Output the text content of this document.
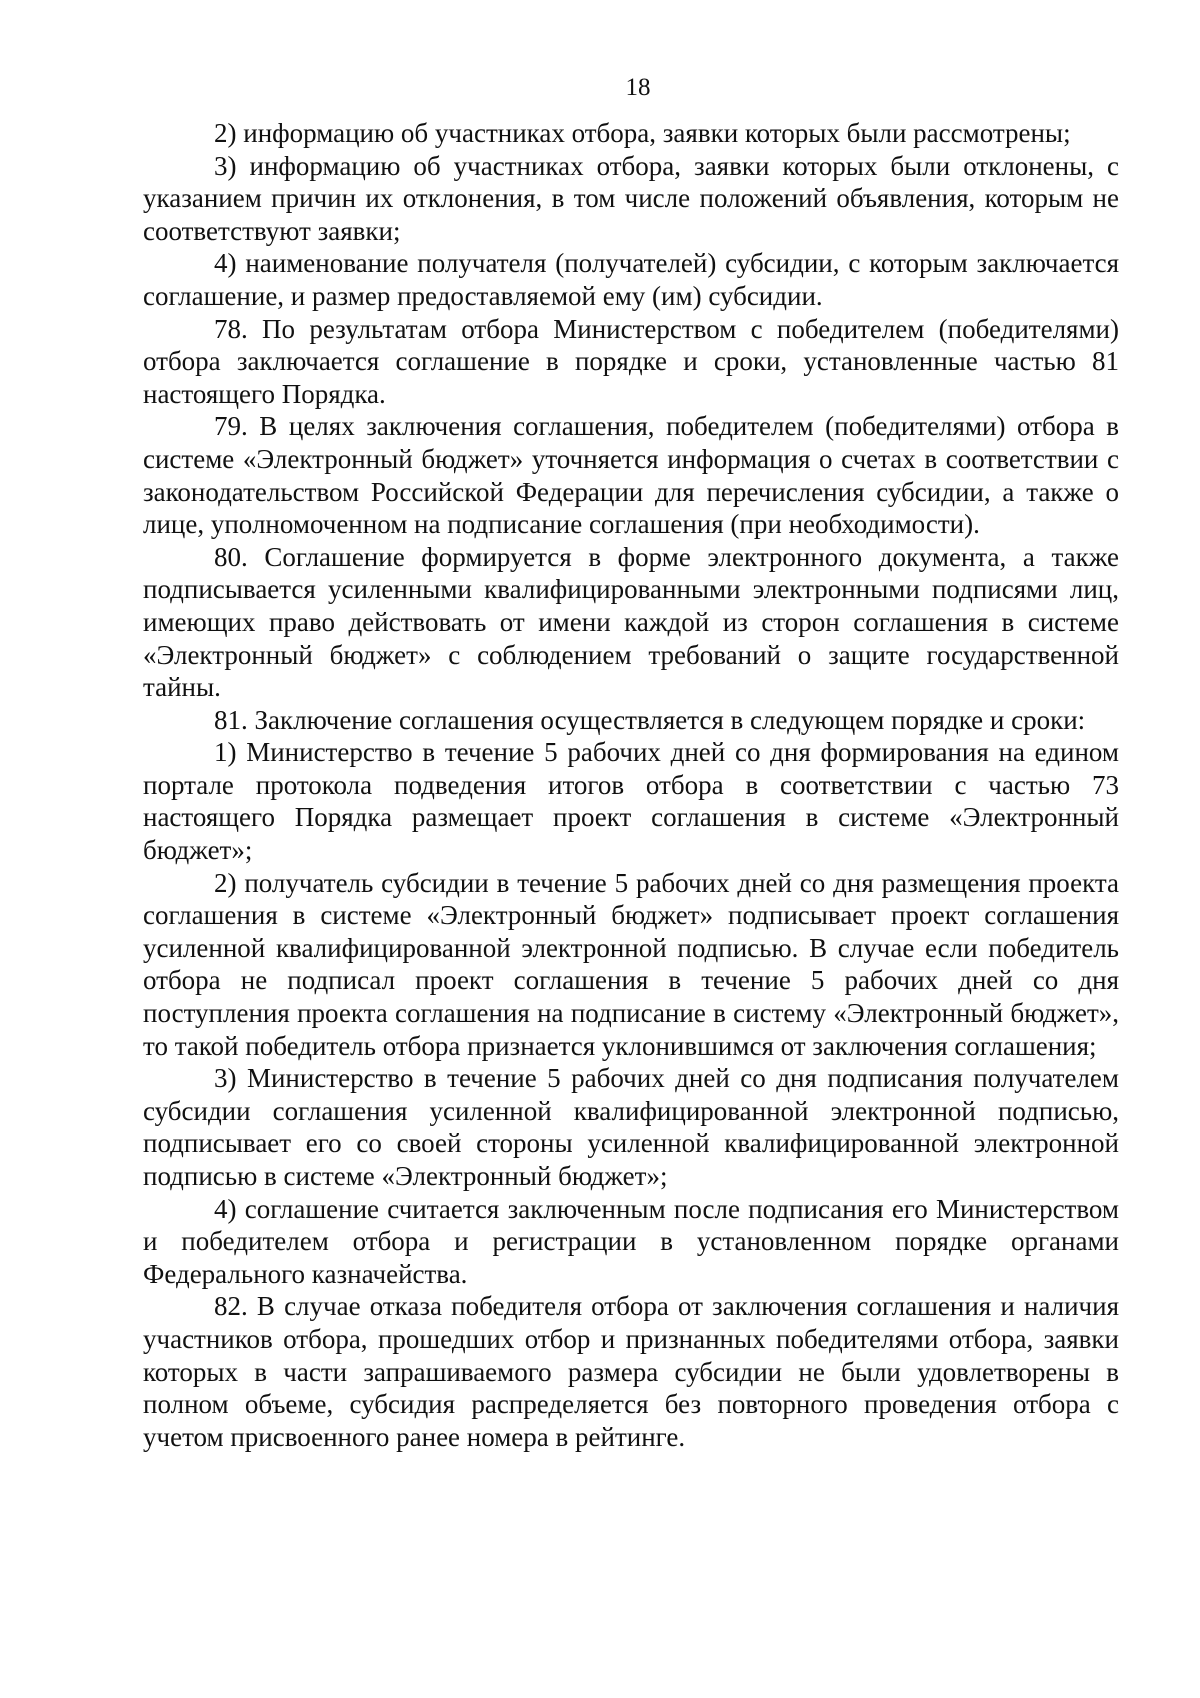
18

2) информацию об участниках отбора, заявки которых были рассмотрены;

3) информацию об участниках отбора, заявки которых были отклонены, с указанием причин их отклонения, в том числе положений объявления, которым не соответствуют заявки;

4) наименование получателя (получателей) субсидии, с которым заключается соглашение, и размер предоставляемой ему (им) субсидии.

78. По результатам отбора Министерством с победителем (победителями) отбора заключается соглашение в порядке и сроки, установленные частью 81 настоящего Порядка.

79. В целях заключения соглашения, победителем (победителями) отбора в системе «Электронный бюджет» уточняется информация о счетах в соответствии с законодательством Российской Федерации для перечисления субсидии, а также о лице, уполномоченном на подписание соглашения (при необходимости).

80. Соглашение формируется в форме электронного документа, а также подписывается усиленными квалифицированными электронными подписями лиц, имеющих право действовать от имени каждой из сторон соглашения в системе «Электронный бюджет» с соблюдением требований о защите государственной тайны.

81. Заключение соглашения осуществляется в следующем порядке и сроки:

1) Министерство в течение 5 рабочих дней со дня формирования на едином портале протокола подведения итогов отбора в соответствии с частью 73 настоящего Порядка размещает проект соглашения в системе «Электронный бюджет»;

2) получатель субсидии в течение 5 рабочих дней со дня размещения проекта соглашения в системе «Электронный бюджет» подписывает проект соглашения усиленной квалифицированной электронной подписью. В случае если победитель отбора не подписал проект соглашения в течение 5 рабочих дней со дня поступления проекта соглашения на подписание в систему «Электронный бюджет», то такой победитель отбора признается уклонившимся от заключения соглашения;

3) Министерство в течение 5 рабочих дней со дня подписания получателем субсидии соглашения усиленной квалифицированной электронной подписью, подписывает его со своей стороны усиленной квалифицированной электронной подписью в системе «Электронный бюджет»;

4) соглашение считается заключенным после подписания его Министерством и победителем отбора и регистрации в установленном порядке органами Федерального казначейства.

82. В случае отказа победителя отбора от заключения соглашения и наличия участников отбора, прошедших отбор и признанных победителями отбора, заявки которых в части запрашиваемого размера субсидии не были удовлетворены в полном объеме, субсидия распределяется без повторного проведения отбора с учетом присвоенного ранее номера в рейтинге.
